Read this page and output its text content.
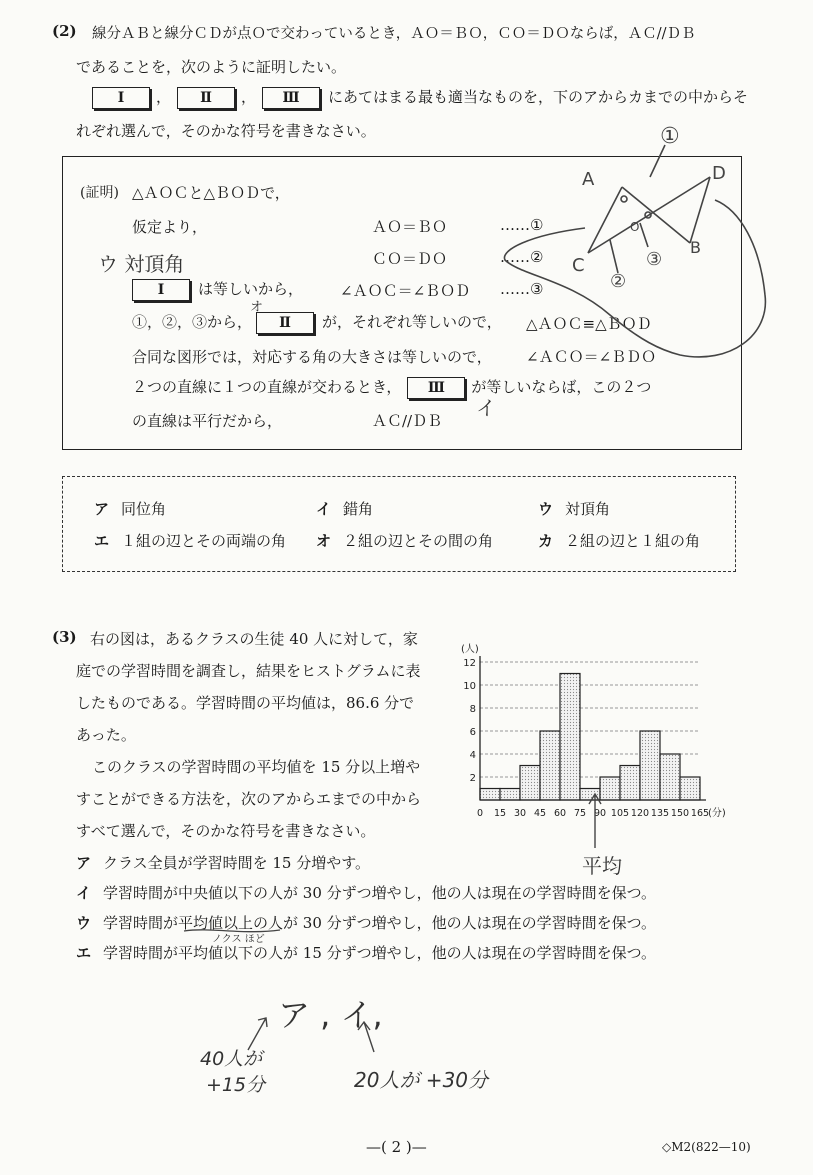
(2) 線分ＡＢと線分ＣＤが点Ｏで交わっているとき，ＡＯ＝ＢＯ，ＣＯ＝ＤＯならば，ＡＣ//ＤＢ
であることを，次のように証明したい。
Ⅰ ， Ⅱ ， Ⅲ にあてはまる最も適当なものを，下のアからカまでの中からそ
れぞれ選んで，そのかな符号を書きなさい。
(証明) △ＡＯＣと△ＢＯＤで，
仮定より，	ＡＯ＝ＢＯ	……①
ＣＯ＝ＤＯ	……②
Ⅰ は等しいから， ∠ＡＯＣ＝∠ＢＯＤ ……③
①，②，③から， Ⅱ が，それぞれ等しいので， △ＡＯＣ≡△ＢＯＤ
合同な図形では，対応する角の大きさは等しいので， ∠ＡＣＯ＝∠ＢＤＯ
２つの直線に１つの直線が交わるとき， Ⅲ が等しいならば，この２つ
の直線は平行だから，	ＡＣ//ＤＢ
ア 同位角	イ 錯角	ウ 対頂角
エ １組の辺とその両端の角 オ ２組の辺とその間の角	カ ２組の辺と１組の角
(3) 右の図は，あるクラスの生徒 40 人に対して，家
庭での学習時間を調査し，結果をヒストグラムに表
したものである。学習時間の平均値は，86.6 分で
あった。
このクラスの学習時間の平均値を 15 分以上増や
すことができる方法を，次のアからエまでの中から
すべて選んで，そのかな符号を書きなさい。
ア クラス全員が学習時間を 15 分増やす。
イ 学習時間が中央値以下の人が 30 分ずつ増やし，他の人は現在の学習時間を保つ。
ウ 学習時間が平均値以上の人が 30 分ずつ増やし，他の人は現在の学習時間を保つ。
エ 学習時間が平均値以下の人が 15 分ずつ増やし，他の人は現在の学習時間を保つ。
2
4
6
8
10
12
0 15 30 45 60 75 90 105 120 135 150 165
(人)
(分)
①
A	D
O
C
B
②
③
ウ 対頂角
オ
イ
平均
ノクス ほど
ア , イ,
40人が
+15分	20人が +30分
—( 2 )—	◇M2(822—10)
